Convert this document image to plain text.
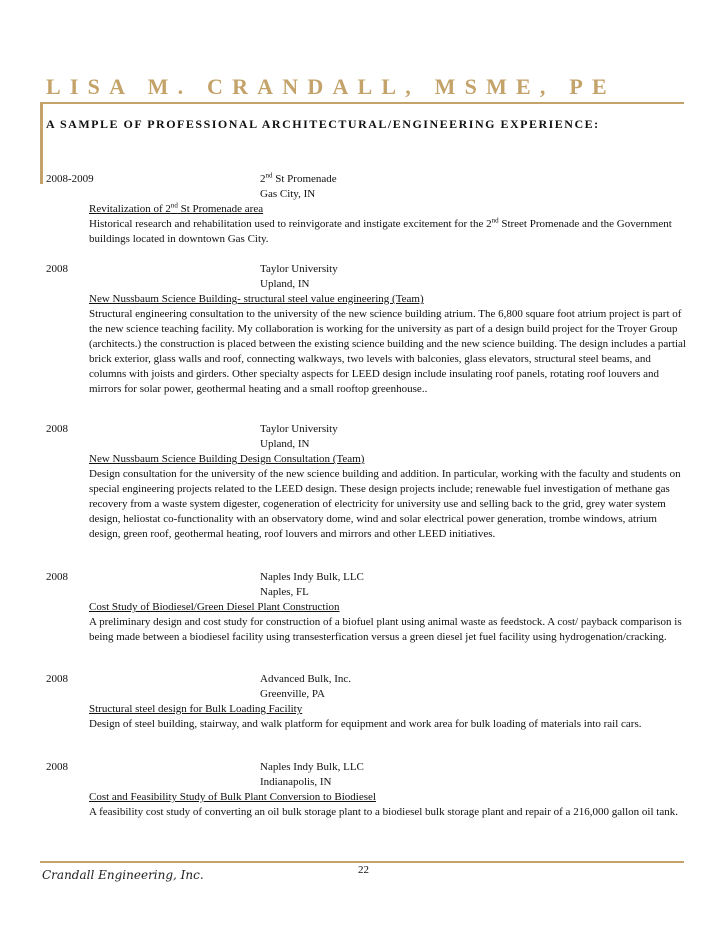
LISA M. CRANDALL, MSME, PE
A SAMPLE OF PROFESSIONAL ARCHITECTURAL/ENGINEERING EXPERIENCE:
2008-2009	2nd St Promenade
Gas City, IN
Revitalization of 2nd St Promenade area
Historical research and rehabilitation used to reinvigorate and instigate excitement for the 2nd Street Promenade and the Government buildings located in downtown Gas City.
2008	Taylor University
Upland, IN
New Nussbaum Science Building- structural steel value engineering (Team)
Structural engineering consultation to the university of the new science building atrium. The 6,800 square foot atrium project is part of the new science teaching facility. My collaboration is working for the university as part of a design build project for the Troyer Group (architects.) the construction is placed between the existing science building and the new science building. The design includes a partial brick exterior, glass walls and roof, connecting walkways, two levels with balconies, glass elevators, structural steel beams, and columns with joists and girders. Other specialty aspects for LEED design include insulating roof panels, rotating roof louvers and mirrors for solar power, geothermal heating and a small rooftop greenhouse..
2008	Taylor University
Upland, IN
New Nussbaum Science Building Design Consultation (Team)
Design consultation for the university of the new science building and addition. In particular, working with the faculty and students on special engineering projects related to the LEED design. These design projects include; renewable fuel investigation of methane gas recovery from a waste system digester, cogeneration of electricity for university use and selling back to the grid, grey water system design, heliostat co-functionality with an observatory dome, wind and solar electrical power generation, trombe windows, atrium design, green roof, geothermal heating, roof louvers and mirrors and other LEED initiatives.
2008	Naples Indy Bulk, LLC
Naples, FL
Cost Study of Biodiesel/Green Diesel Plant Construction
A preliminary design and cost study for construction of a biofuel plant using animal waste as feedstock. A cost/ payback comparison is being made between a biodiesel facility using transesterfication versus a green diesel jet fuel facility using hydrogenation/cracking.
2008	Advanced Bulk, Inc.
Greenville, PA
Structural steel design for Bulk Loading Facility
Design of steel building, stairway, and walk platform for equipment and work area for bulk loading of materials into rail cars.
2008	Naples Indy Bulk, LLC
Indianapolis, IN
Cost and Feasibility Study of Bulk Plant Conversion to Biodiesel
A feasibility cost study of converting an oil bulk storage plant to a biodiesel bulk storage plant and repair of a 216,000 gallon oil tank.
Crandall Engineering, Inc.	22
